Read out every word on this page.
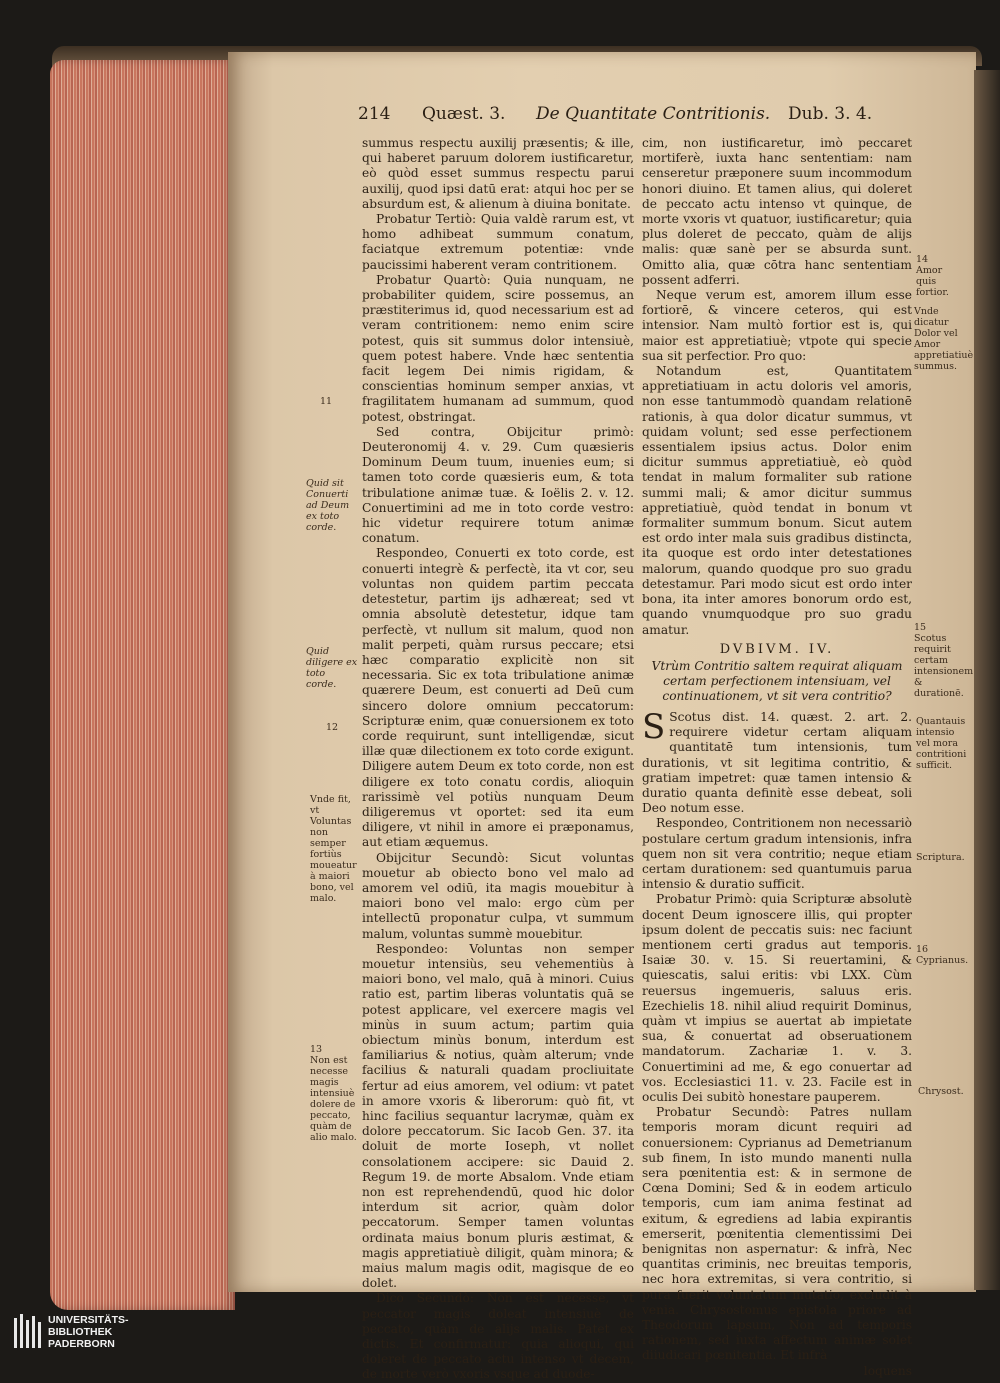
214 Quæst. 3. De Quantitate Contritionis. Dub. 3. 4.

summus respectu auxilij præsentis; & ille, qui haberet paruum dolorem iustificaretur, eò quòd esset summus respectu parui auxilij, quod ipsi datū erat: atqui hoc per se absurdum est, & alienum à diuina bonitate.

Probatur Tertiò: Quia valdè rarum est, vt homo adhibeat summum conatum, faciatque extremum potentiæ: vnde paucissimi haberent veram contritionem.

Probatur Quartò: Quia nunquam, ne probabiliter quidem, scire possemus, an præstiterimus id, quod necessarium est ad veram contritionem: nemo enim scire potest, quis sit summus dolor intensiuè, quem potest habere. Vnde hæc sententia facit legem Dei nimis rigidam, & conscientias hominum semper anxias, vt fragilitatem humanam ad summum, quod potest, obstringat.

Sed contra, Obijcitur primò: Deuteronomij 4. v. 29. Cum quæsieris Dominum Deum tuum, inuenies eum; si tamen toto corde quæsieris eum, & tota tribulatione animæ tuæ. & Ioëlis 2. v. 12. Conuertimini ad me in toto corde vestro: hic videtur requirere totum animæ conatum.

Respondeo, Conuerti ex toto corde, est conuerti integrè & perfectè, ita vt cor, seu voluntas non quidem partim peccata detestetur, partim ijs adhæreat; sed vt omnia absolutè detestetur, idque tam perfectè, vt nullum sit malum, quod non malit perpeti, quàm rursus peccare; etsi hæc comparatio explicitè non sit necessaria. Sic ex tota tribulatione animæ quærere Deum, est conuerti ad Deū cum sincero dolore omnium peccatorum: Scripturæ enim, quæ conuersionem ex toto corde requirunt, sunt intelligendæ, sicut illæ quæ dilectionem ex toto corde exigunt. Diligere autem Deum ex toto corde, non est diligere ex toto conatu cordis, alioquin rarissimè vel potiùs nunquam Deum diligeremus vt oportet: sed ita eum diligere, vt nihil in amore ei præponamus, aut etiam æquemus.

Obijcitur Secundò: Sicut voluntas mouetur ab obiecto bono vel malo ad amorem vel odiū, ita magis mouebitur à maiori bono vel malo: ergo cùm per intellectū proponatur culpa, vt summum malum, voluntas summè mouebitur.

Respondeo: Voluntas non semper mouetur intensiùs, seu vehementiùs à maiori bono, vel malo, quā à minori. Cuius ratio est, partim liberas voluntatis quā se potest applicare, vel exercere magis vel minùs in suum actum; partim quia obiectum minùs bonum, interdum est familiarius & notius, quàm alterum; vnde facilius & naturali quadam procliuitate fertur ad eius amorem, vel odium: vt patet in amore vxoris & liberorum: quò fit, vt hinc facilius sequantur lacrymæ, quàm ex dolore peccatorum. Sic Iacob Gen. 37. ita doluit de morte Ioseph, vt nollet consolationem accipere: sic Dauid 2. Regum 19. de morte Absalom. Vnde etiam non est reprehendendū, quod hic dolor interdum sit acrior, quàm dolor peccatorum. Semper tamen voluntas ordinata maius bonum pluris æstimat, & magis appretiatiuè diligit, quàm minora; & maius malum magis odit, magisque de eo dolet.

Dico Secundò: Non est necesse, vt peccator magis doleat intensiuè de peccato, quàm de alijs malis. Patet ex dictis. Et confirmatur: quia alioqui, qui doleret de peccato actu intenso vt decem, de morte verò vxoris vsque ad duode-

cim, non iustificaretur, imò peccaret mortiferè, iuxta hanc sententiam: nam censeretur præponere suum incommodum honori diuino. Et tamen alius, qui doleret de peccato actu intenso vt quinque, de morte vxoris vt quatuor, iustificaretur; quia plus doleret de peccato, quàm de alijs malis: quæ sanè per se absurda sunt. Omitto alia, quæ cōtra hanc sententiam possent adferri.

Neque verum est, amorem illum esse fortiorē, & vincere ceteros, qui est intensior. Nam multò fortior est is, qui maior est appretiatiuè; vtpote qui specie sua sit perfectior. Pro quo:

Notandum est, Quantitatem appretiatiuam in actu doloris vel amoris, non esse tantummodò quandam relationē rationis, à qua dolor dicatur summus, vt quidam volunt; sed esse perfectionem essentialem ipsius actus. Dolor enim dicitur summus appretiatiuè, eò quòd tendat in malum formaliter sub ratione summi mali; & amor dicitur summus appretiatiuè, quòd tendat in bonum vt formaliter summum bonum. Sicut autem est ordo inter mala suis gradibus distincta, ita quoque est ordo inter detestationes malorum, quando quodque pro suo gradu detestamur. Pari modo sicut est ordo inter bona, ita inter amores bonorum ordo est, quando vnumquodque pro suo gradu amatur.

DVBIVM. IV.
Vtrùm Contritio saltem requirat aliquam certam perfectionem intensiuam, vel continuationem, vt sit vera contritio?

S Scotus dist. 14. quæst. 2. art. 2. requirere videtur certam aliquam quantitatē tum intensionis, tum durationis, vt sit legitima contritio, & gratiam impetret: quæ tamen intensio & duratio quanta definitè esse debeat, soli Deo notum esse.

Respondeo, Contritionem non necessariò postulare certum gradum intensionis, infra quem non sit vera contritio; neque etiam certam durationem: sed quantumuis parua intensio & duratio sufficit.

Probatur Primò: quia Scripturæ absolutè docent Deum ignoscere illis, qui propter ipsum dolent de peccatis suis: nec faciunt mentionem certi gradus aut temporis. Isaiæ 30. v. 15. Si reuertamini, & quiescatis, salui eritis: vbi LXX. Cùm reuersus ingemueris, saluus eris. Ezechielis 18. nihil aliud requirit Dominus, quàm vt impius se auertat ab impietate sua, & conuertat ad obseruationem mandatorum. Zachariæ 1. v. 3. Conuertimini ad me, & ego conuertar ad vos. Ecclesiastici 11. v. 23. Facile est in oculis Dei subitò honestare pauperem.

Probatur Secundò: Patres nullam temporis moram dicunt requiri ad conuersionem: Cyprianus ad Demetrianum sub finem, In isto mundo manenti nulla sera pœnitentia est: & in sermone de Cœna Domini; Sed & in eodem articulo temporis, cum iam anima festinat ad exitum, & egrediens ad labia expirantis emerserit, pœnitentia clementissimi Dei benignitas non aspernatur: & infrà, Nec quantitas criminis, nec breuitas temporis, nec hora extremitas, si vera contritio, si pura fuerit voluntatum mutatio, excludit à venia. Chrysostomus epistola priore ad Theodorum lapsum, Non ad temporis rationem, sed iuxta affectum animæ solet diiudicari pœnitentia. Et infrà

loquens

11
Quid sit Conuerti ad Deum ex toto corde.
Quid diligere ex toto corde.
12
Vnde fit, vt Voluntas non semper fortiùs moueatur à maiori bono, vel malo.
13
Non est necesse magis intensiuè dolere de peccato, quàm de alio malo.
14
Amor quis fortior.
Vnde dicatur Dolor vel Amor appretiatiuè summus.
15
Scotus requirit certam intensionem & durationē.
Quantauis intensio vel mora contritioni sufficit.
Scriptura.
16
Cyprianus.
Chrysost.
UNIVERSITÄTS-
BIBLIOTHEK
PADERBORN
